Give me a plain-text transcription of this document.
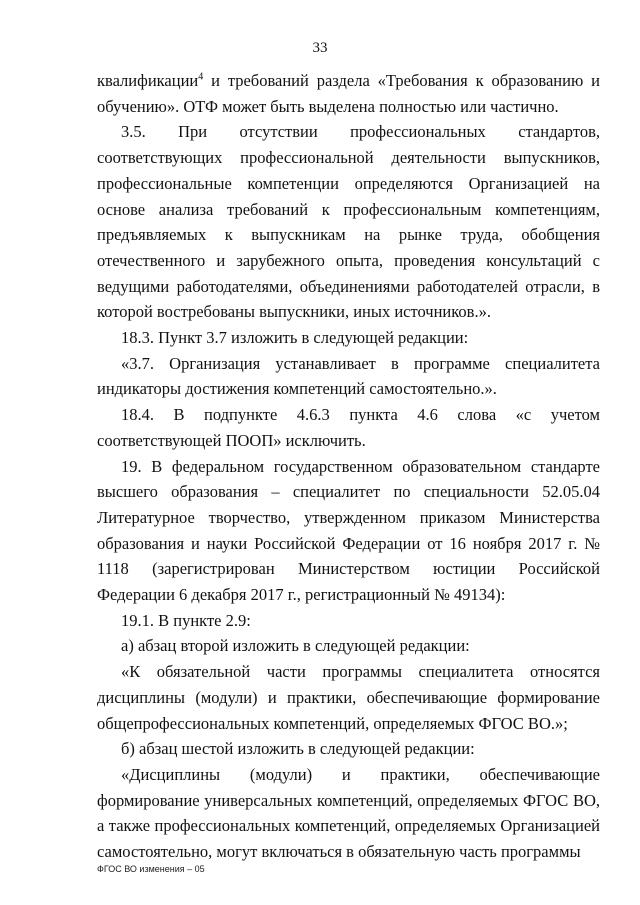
33

квалификации$^4$ и требований раздела «Требования к образованию и обучению». ОТФ может быть выделена полностью или частично.

3.5. При отсутствии профессиональных стандартов, соответствующих профессиональной деятельности выпускников, профессиональные компетенции определяются Организацией на основе анализа требований к профессиональным компетенциям, предъявляемых к выпускникам на рынке труда, обобщения отечественного и зарубежного опыта, проведения консультаций с ведущими работодателями, объединениями работодателей отрасли, в которой востребованы выпускники, иных источников.».

18.3. Пункт 3.7 изложить в следующей редакции:

«3.7. Организация устанавливает в программе специалитета индикаторы достижения компетенций самостоятельно.».

18.4. В подпункте 4.6.3 пункта 4.6 слова «с учетом соответствующей ПООП» исключить.

19. В федеральном государственном образовательном стандарте высшего образования – специалитет по специальности 52.05.04 Литературное творчество, утвержденном приказом Министерства образования и науки Российской Федерации от 16 ноября 2017 г. № 1118 (зарегистрирован Министерством юстиции Российской Федерации 6 декабря 2017 г., регистрационный № 49134):

19.1. В пункте 2.9:

а) абзац второй изложить в следующей редакции:

«К обязательной части программы специалитета относятся дисциплины (модули) и практики, обеспечивающие формирование общепрофессиональных компетенций, определяемых ФГОС ВО.»;

б) абзац шестой изложить в следующей редакции:

«Дисциплины (модули) и практики, обеспечивающие формирование универсальных компетенций, определяемых ФГОС ВО, а также профессиональных компетенций, определяемых Организацией самостоятельно, могут включаться в обязательную часть программы

ФГОС ВО изменения – 05
